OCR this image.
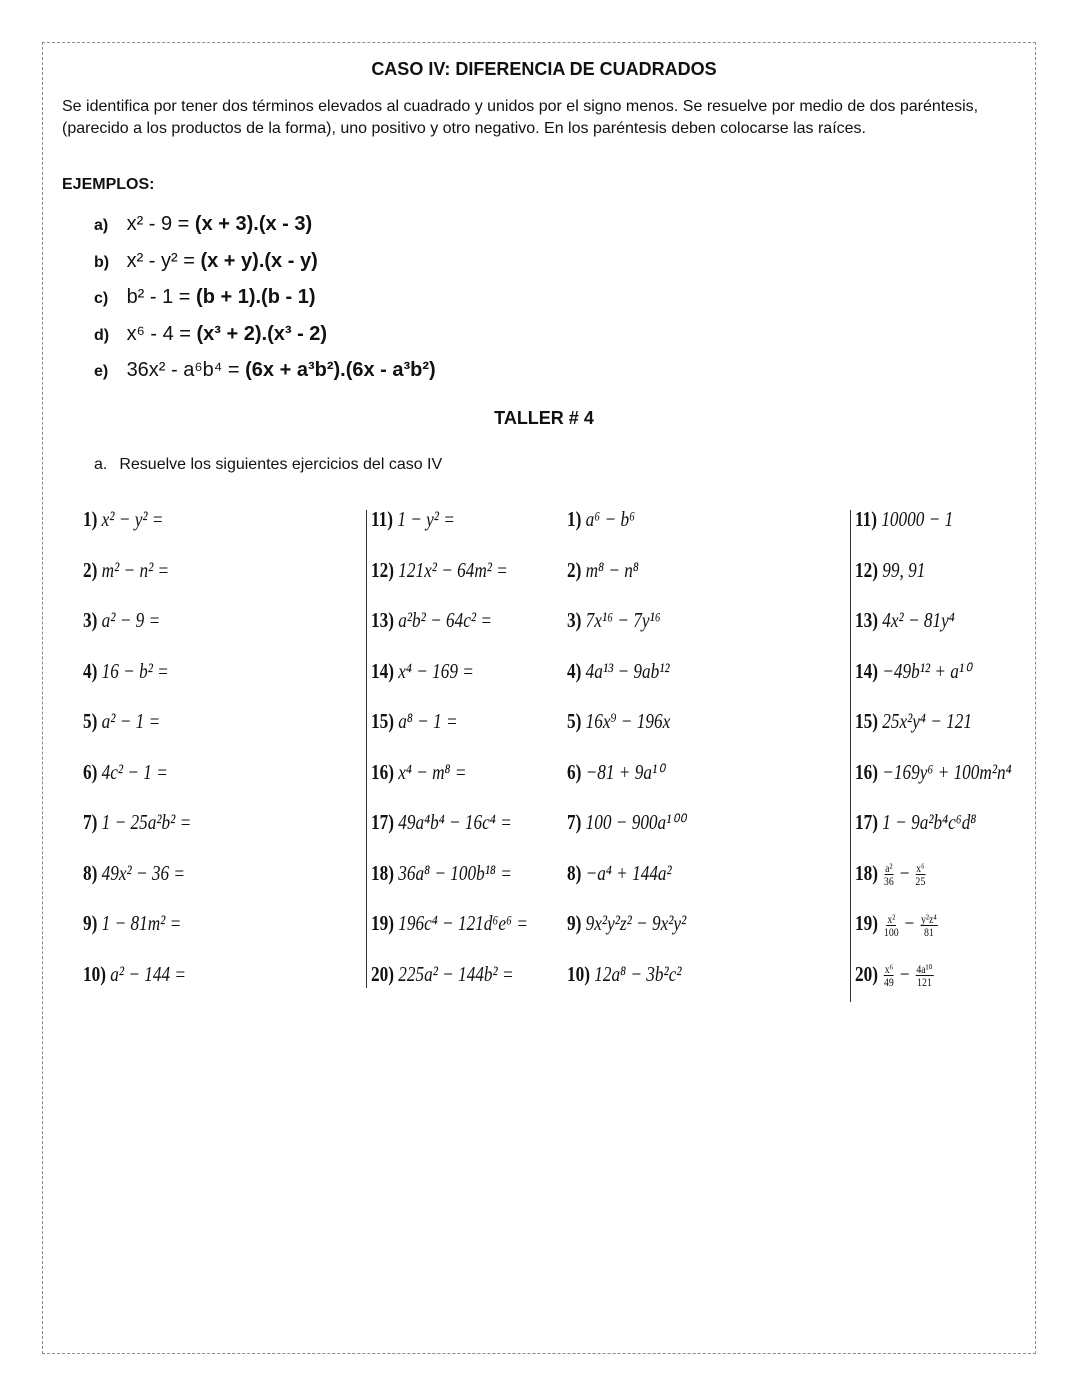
CASO IV: DIFERENCIA DE CUADRADOS

Se identifica por tener dos términos elevados al cuadrado y unidos por el signo menos. Se resuelve por medio de dos paréntesis, (parecido a los productos de la forma), uno positivo y otro negativo. En los paréntesis deben colocarse las raíces.

EJEMPLOS:

a) x² - 9 = (x + 3).(x - 3)
b) x² - y² = (x + y).(x - y)
c) b² - 1 = (b + 1).(b - 1)
d) x⁶ - 4 = (x³ + 2).(x³ - 2)
e) 36x² - a⁶b⁴ = (6x + a³b²).(6x - a³b²)
TALLER # 4

a. Resuelve los siguientes ejercicios del caso IV

1) x² − y² =
2) m² − n² =
3) a² − 9 =
4) 16 − b² =
5) a² − 1 =
6) 4c² − 1 =
7) 1 − 25a²b² =
8) 49x² − 36 =
9) 1 − 81m² =
10) a² − 144 =
11) 1 − y² =
12) 121x² − 64m² =
13) a²b² − 64c² =
14) x⁴ − 169 =
15) a⁸ − 1 =
16) x⁴ − m⁸ =
17) 49a⁴b⁴ − 16c⁴ =
18) 36a⁸ − 100b¹⁸ =
19) 196c⁴ − 121d⁶e⁶ =
20) 225a² − 144b² =
1) a⁶ − b⁶
2) m⁸ − n⁸
3) 7x¹⁶ − 7y¹⁶
4) 4a¹³ − 9ab¹²
5) 16x⁹ − 196x
6) −81 + 9a¹⁰
7) 100 − 900a¹⁰⁰
8) −a⁴ + 144a²
9) 9x²y²z² − 9x²y²
10) 12a⁸ − 3b²c²
11) 10000 − 1
12) 99, 91
13) 4x² − 81y⁴
14) −49b¹² + a¹⁰
15) 25x²y⁴ − 121
16) −169y⁶ + 100m²n⁴
17) 1 − 9a²b⁴c⁶d⁸
$18) \frac{\text{a²}}{36} - \frac{\text{x⁶}}{25}$
$19) \frac{\text{x²}}{100} - \frac{\text{y²z⁴}}{81}$
$20) \frac{\text{x⁶}}{49} - \frac{\text{4a¹⁰}}{121}$
